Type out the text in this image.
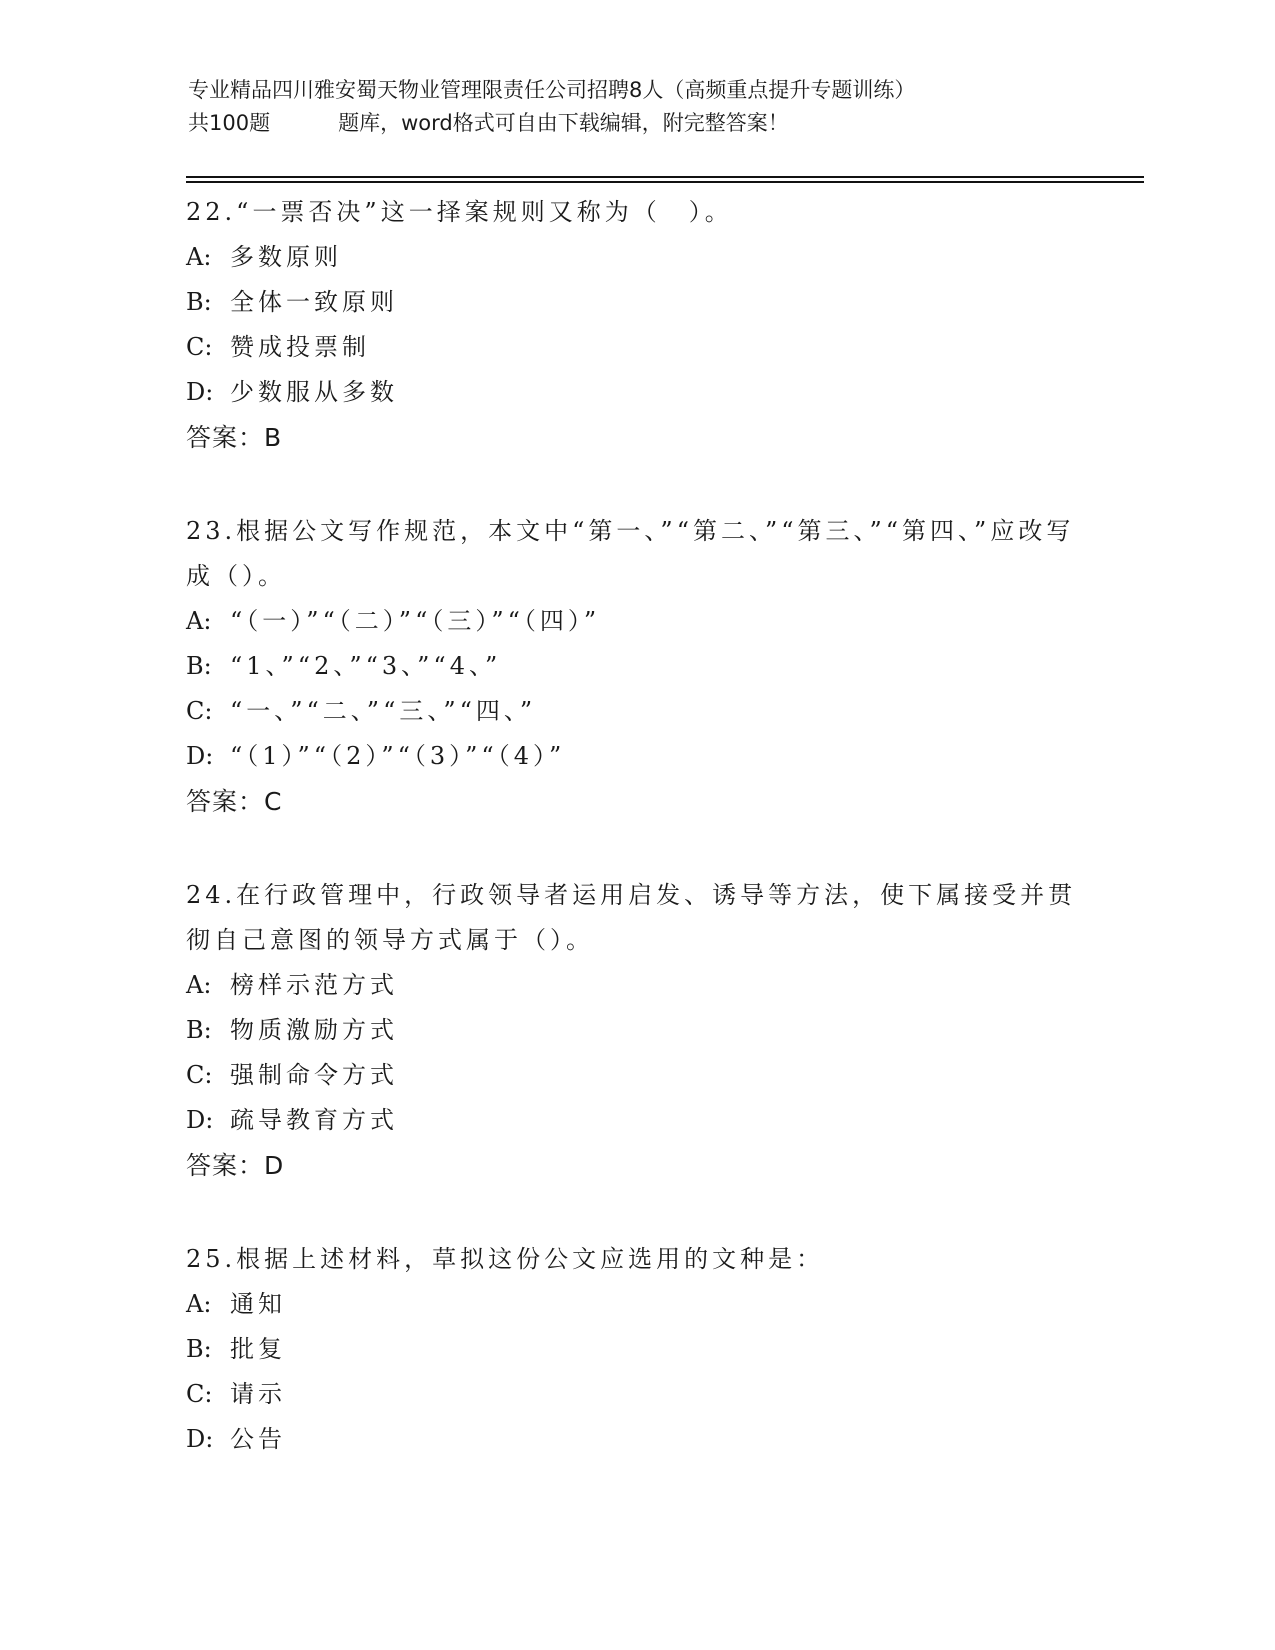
专业精品四川雅安蜀天物业管理限责任公司招聘8人（高频重点提升专题训练）
共100题	题库，word格式可自由下载编辑，附完整答案！
22.“一票否决”这一择案规则又称为（　）。
A: 多数原则
B: 全体一致原则
C: 赞成投票制
D: 少数服从多数
答案：B
23.根据公文写作规范，本文中“第一、”“第二、”“第三、”“第四、”应改写成（）。
A: “（一）”“（二）”“（三）”“（四）”
B: “1、”“2、”“3、”“4、”
C: “一、”“二、”“三、”“四、”
D: “（1）”“（2）”“（3）”“（4）”
答案：C
24.在行政管理中，行政领导者运用启发、诱导等方法，使下属接受并贯彻自己意图的领导方式属于（）。
A: 榜样示范方式
B: 物质激励方式
C: 强制命令方式
D: 疏导教育方式
答案：D
25.根据上述材料，草拟这份公文应选用的文种是：
A: 通知
B: 批复
C: 请示
D: 公告
